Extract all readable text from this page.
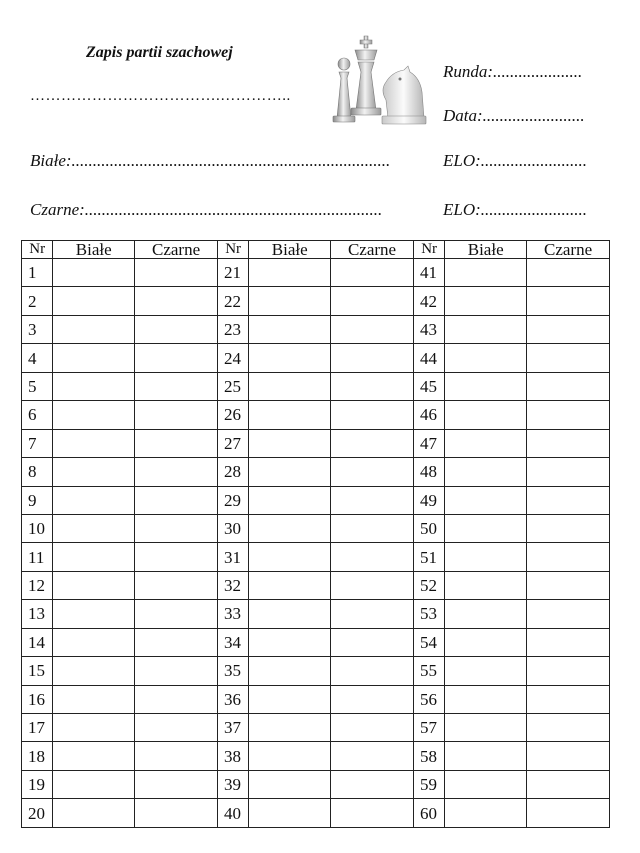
Zapis partii szachowej
……………………………….…………..
Runda:.....................
Data:........................
Białe:...........................................................................	ELO:.........................
Czarne:......................................................................	ELO:.........................
Nr	Białe	Czarne	Nr	Białe	Czarne	Nr	Białe	Czarne
1			21			41		
2			22			42		
3			23			43		
4			24			44		
5			25			45		
6			26			46		
7			27			47		
8			28			48		
9			29			49		
10			30			50		
11			31			51		
12			32			52		
13			33			53		
14			34			54		
15			35			55		
16			36			56		
17			37			57		
18			38			58		
19			39			59		
20			40			60		
